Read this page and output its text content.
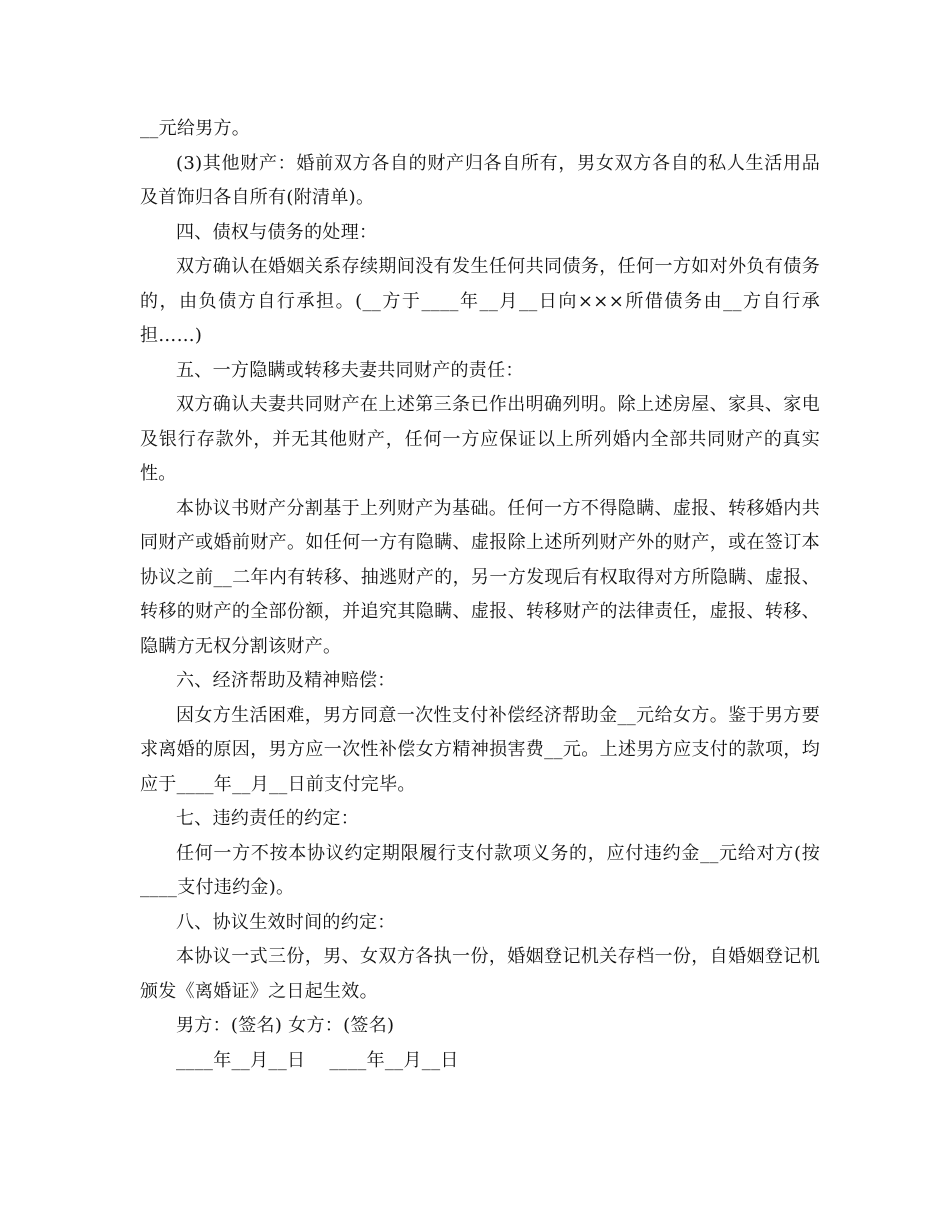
__元给男方。

(3)其他财产：婚前双方各自的财产归各自所有，男女双方各自的私人生活用品及首饰归各自所有(附清单)。

四、债权与债务的处理：

双方确认在婚姻关系存续期间没有发生任何共同债务，任何一方如对外负有债务的，由负债方自行承担。(__方于____年__月__日向×××所借债务由__方自行承担……)

五、一方隐瞒或转移夫妻共同财产的责任：

双方确认夫妻共同财产在上述第三条已作出明确列明。除上述房屋、家具、家电及银行存款外，并无其他财产，任何一方应保证以上所列婚内全部共同财产的真实性。

本协议书财产分割基于上列财产为基础。任何一方不得隐瞒、虚报、转移婚内共同财产或婚前财产。如任何一方有隐瞒、虚报除上述所列财产外的财产，或在签订本协议之前__二年内有转移、抽逃财产的，另一方发现后有权取得对方所隐瞒、虚报、转移的财产的全部份额，并追究其隐瞒、虚报、转移财产的法律责任，虚报、转移、隐瞒方无权分割该财产。

六、经济帮助及精神赔偿：

因女方生活困难，男方同意一次性支付补偿经济帮助金__元给女方。鉴于男方要求离婚的原因，男方应一次性补偿女方精神损害费__元。上述男方应支付的款项，均应于____年__月__日前支付完毕。

七、违约责任的约定：

任何一方不按本协议约定期限履行支付款项义务的，应付违约金__元给对方(按____支付违约金)。

八、协议生效时间的约定：

本协议一式三份，男、女双方各执一份，婚姻登记机关存档一份，自婚姻登记机颁发《离婚证》之日起生效。

男方：(签名) 女方：(签名)

____年__月__日    ____年__月__日
